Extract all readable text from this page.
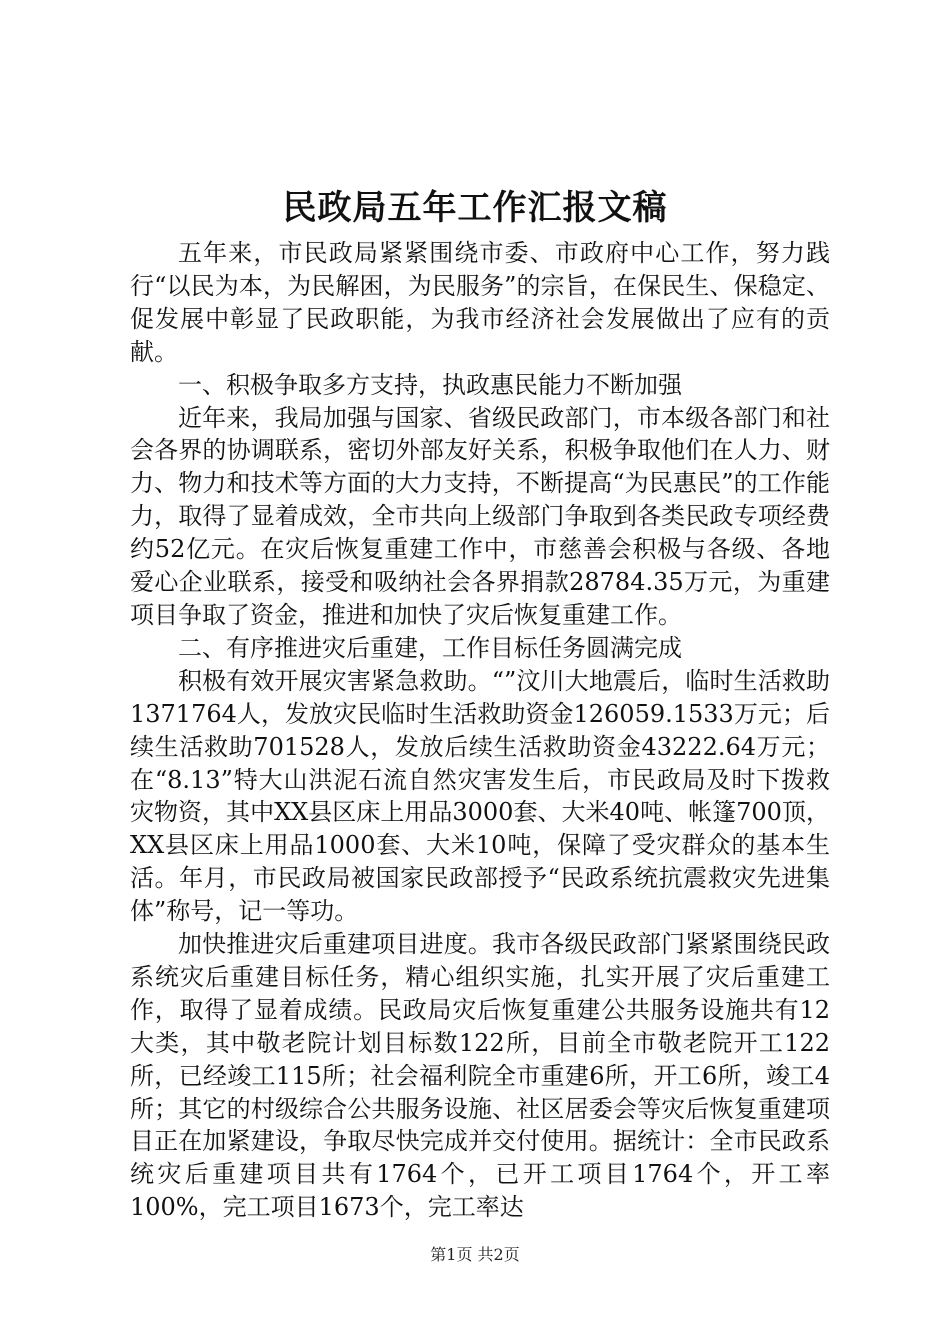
民政局五年工作汇报文稿

五年来，市民政局紧紧围绕市委、市政府中心工作，努力践行“以民为本，为民解困，为民服务”的宗旨，在保民生、保稳定、促发展中彰显了民政职能，为我市经济社会发展做出了应有的贡献。

一、积极争取多方支持，执政惠民能力不断加强

近年来，我局加强与国家、省级民政部门，市本级各部门和社会各界的协调联系，密切外部友好关系，积极争取他们在人力、财力、物力和技术等方面的大力支持，不断提高“为民惠民”的工作能力，取得了显着成效，全市共向上级部门争取到各类民政专项经费约52亿元。在灾后恢复重建工作中，市慈善会积极与各级、各地爱心企业联系，接受和吸纳社会各界捐款28784.35万元，为重建项目争取了资金，推进和加快了灾后恢复重建工作。

二、有序推进灾后重建，工作目标任务圆满完成

积极有效开展灾害紧急救助。“”汶川大地震后，临时生活救助1371764人，发放灾民临时生活救助资金126059.1533万元；后续生活救助701528人，发放后续生活救助资金43222.64万元；在“8.13”特大山洪泥石流自然灾害发生后，市民政局及时下拨救灾物资，其中XX县区床上用品3000套、大米40吨、帐篷700顶，XX县区床上用品1000套、大米10吨，保障了受灾群众的基本生活。年月，市民政局被国家民政部授予“民政系统抗震救灾先进集体”称号，记一等功。

加快推进灾后重建项目进度。我市各级民政部门紧紧围绕民政系统灾后重建目标任务，精心组织实施，扎实开展了灾后重建工作，取得了显着成绩。民政局灾后恢复重建公共服务设施共有12大类，其中敬老院计划目标数122所，目前全市敬老院开工122所，已经竣工115所；社会福利院全市重建6所，开工6所，竣工4所；其它的村级综合公共服务设施、社区居委会等灾后恢复重建项目正在加紧建设，争取尽快完成并交付使用。据统计：全市民政系统灾后重建项目共有1764个，已开工项目1764个，开工率100%，完工项目1673个，完工率达

第1页 共2页
